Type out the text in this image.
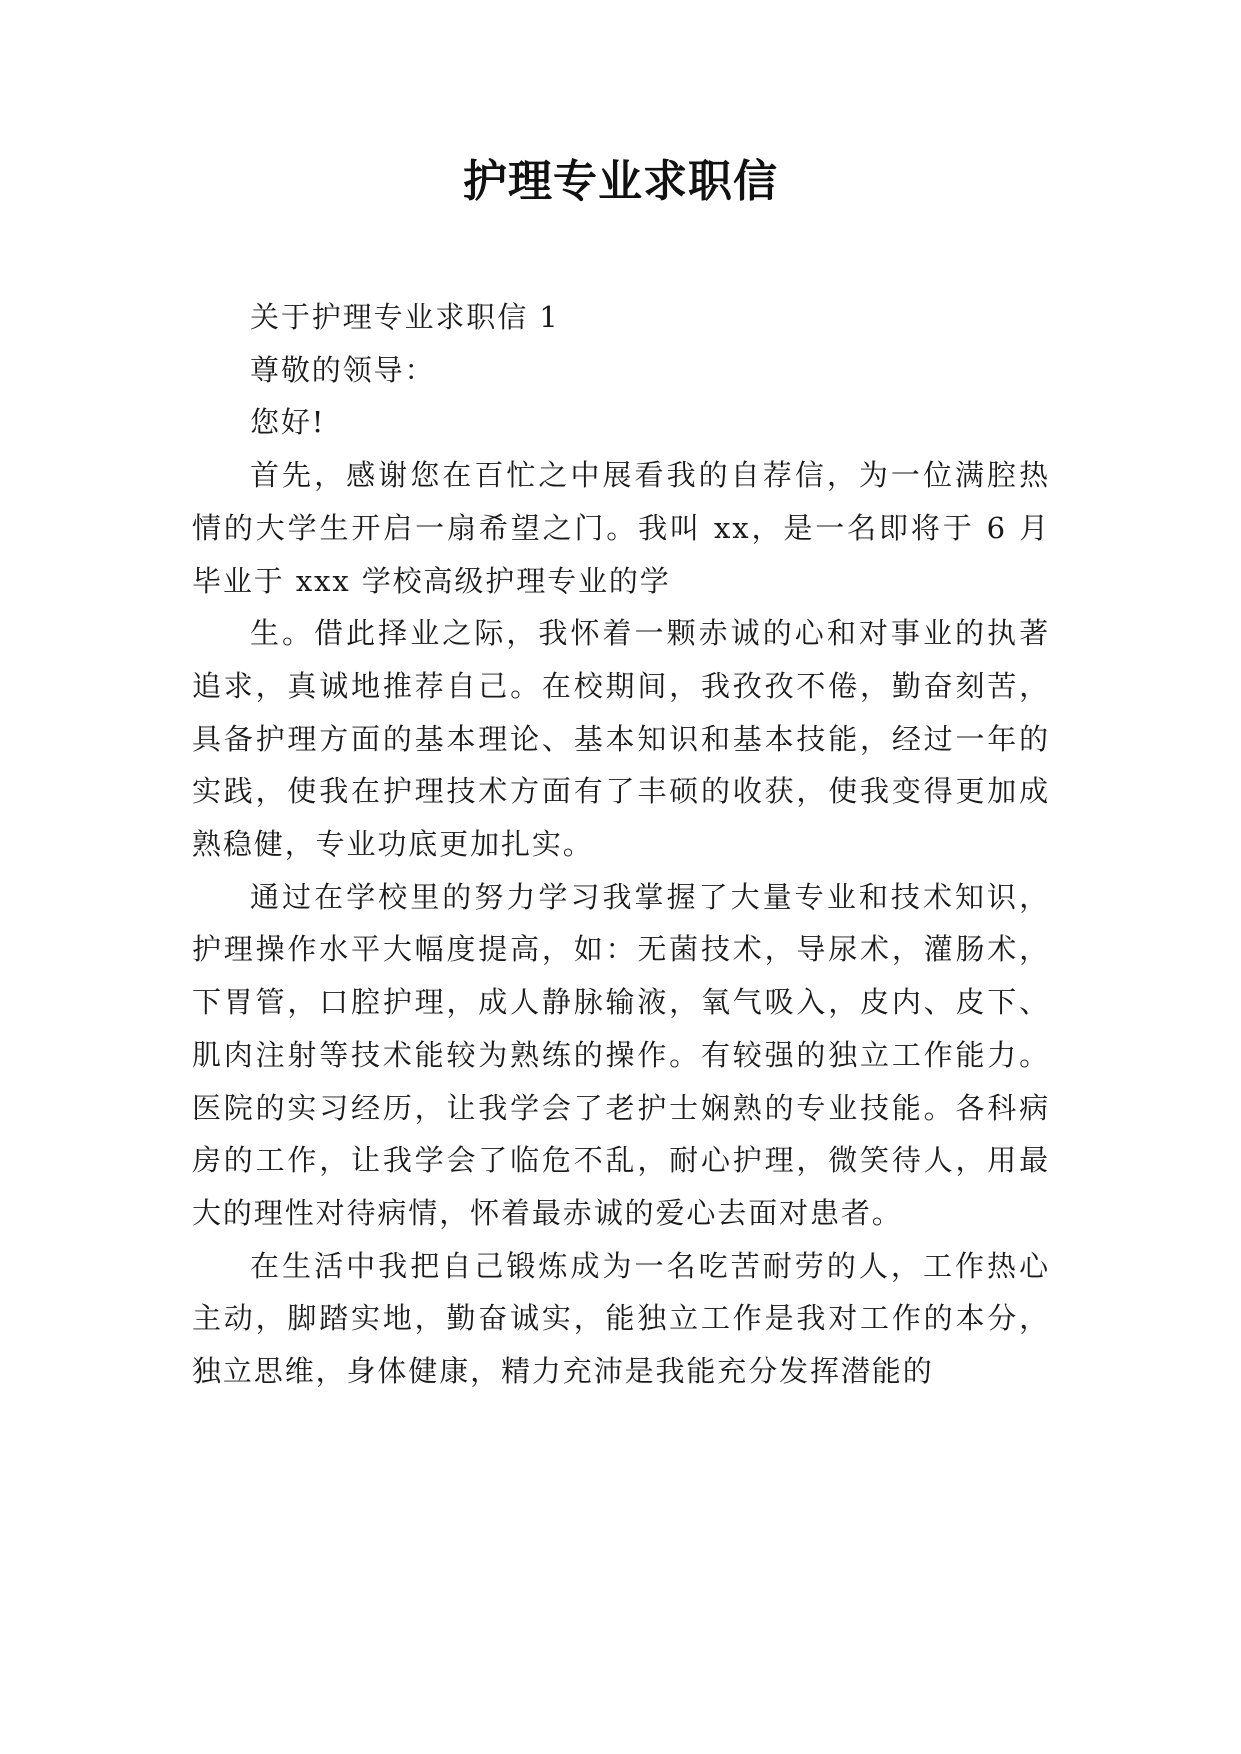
护理专业求职信

关于护理专业求职信 1

尊敬的领导：

您好!

首先，感谢您在百忙之中展看我的自荐信，为一位满腔热情的大学生开启一扇希望之门。我叫 xx，是一名即将于 6 月毕业于 xxx 学校高级护理专业的学

生。借此择业之际，我怀着一颗赤诚的心和对事业的执著追求，真诚地推荐自己。在校期间，我孜孜不倦，勤奋刻苦，具备护理方面的基本理论、基本知识和基本技能，经过一年的实践，使我在护理技术方面有了丰硕的收获，使我变得更加成熟稳健，专业功底更加扎实。

通过在学校里的努力学习我掌握了大量专业和技术知识，护理操作水平大幅度提高，如：无菌技术，导尿术，灌肠术，下胃管，口腔护理，成人静脉输液，氧气吸入，皮内、皮下、肌肉注射等技术能较为熟练的操作。有较强的独立工作能力。医院的实习经历，让我学会了老护士娴熟的专业技能。各科病房的工作，让我学会了临危不乱，耐心护理，微笑待人，用最大的理性对待病情，怀着最赤诚的爱心去面对患者。

在生活中我把自己锻炼成为一名吃苦耐劳的人，工作热心主动，脚踏实地，勤奋诚实，能独立工作是我对工作的本分，独立思维，身体健康，精力充沛是我能充分发挥潜能的
